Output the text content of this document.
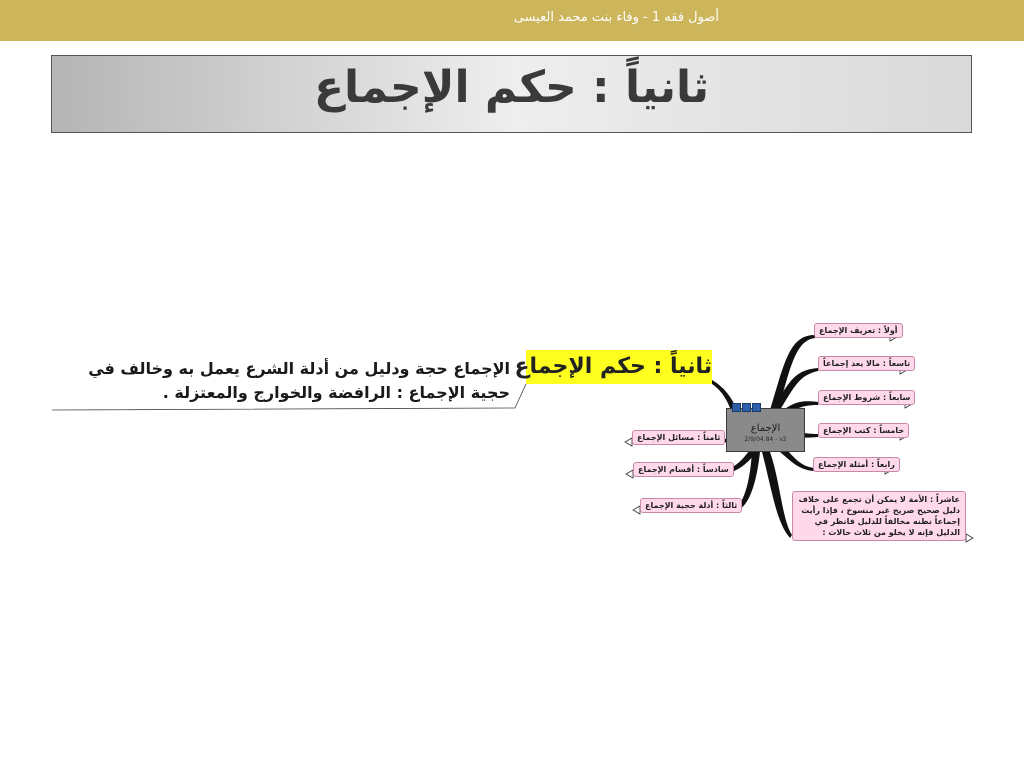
أصول فقه 1 - وفاء بنت محمد العيسى
ثانياً : حكم الإجماع
ثانياً : حكم الإجماع
الإجماع حجة ودليل من أدلة الشرع يعمل به وخالف في حجية الإجماع : الرافضة والخوارج والمعتزلة .
الإجماع
2/9/04.84 - v2
أولاً : تعريف الإجماع
تاسعاً : مالا يعد إجماعاً
سابعاً : شروط الإجماع
خامساً : كتب الإجماع
رابعاً : أمثلة الإجماع
عاشراً : الأمة لا يمكن أن تجمع على خلاف دليل صحيح صريح غير منسوخ ، فإذا رأيت إجماعاً نظنه مخالفاً للدليل فانظر في الدليل فإنه لا يخلو من ثلاث حالات :
ثامناً : مسائل الإجماع
سادساً : أقسام الإجماع
ثالثاً : أدلة حجية الإجماع
